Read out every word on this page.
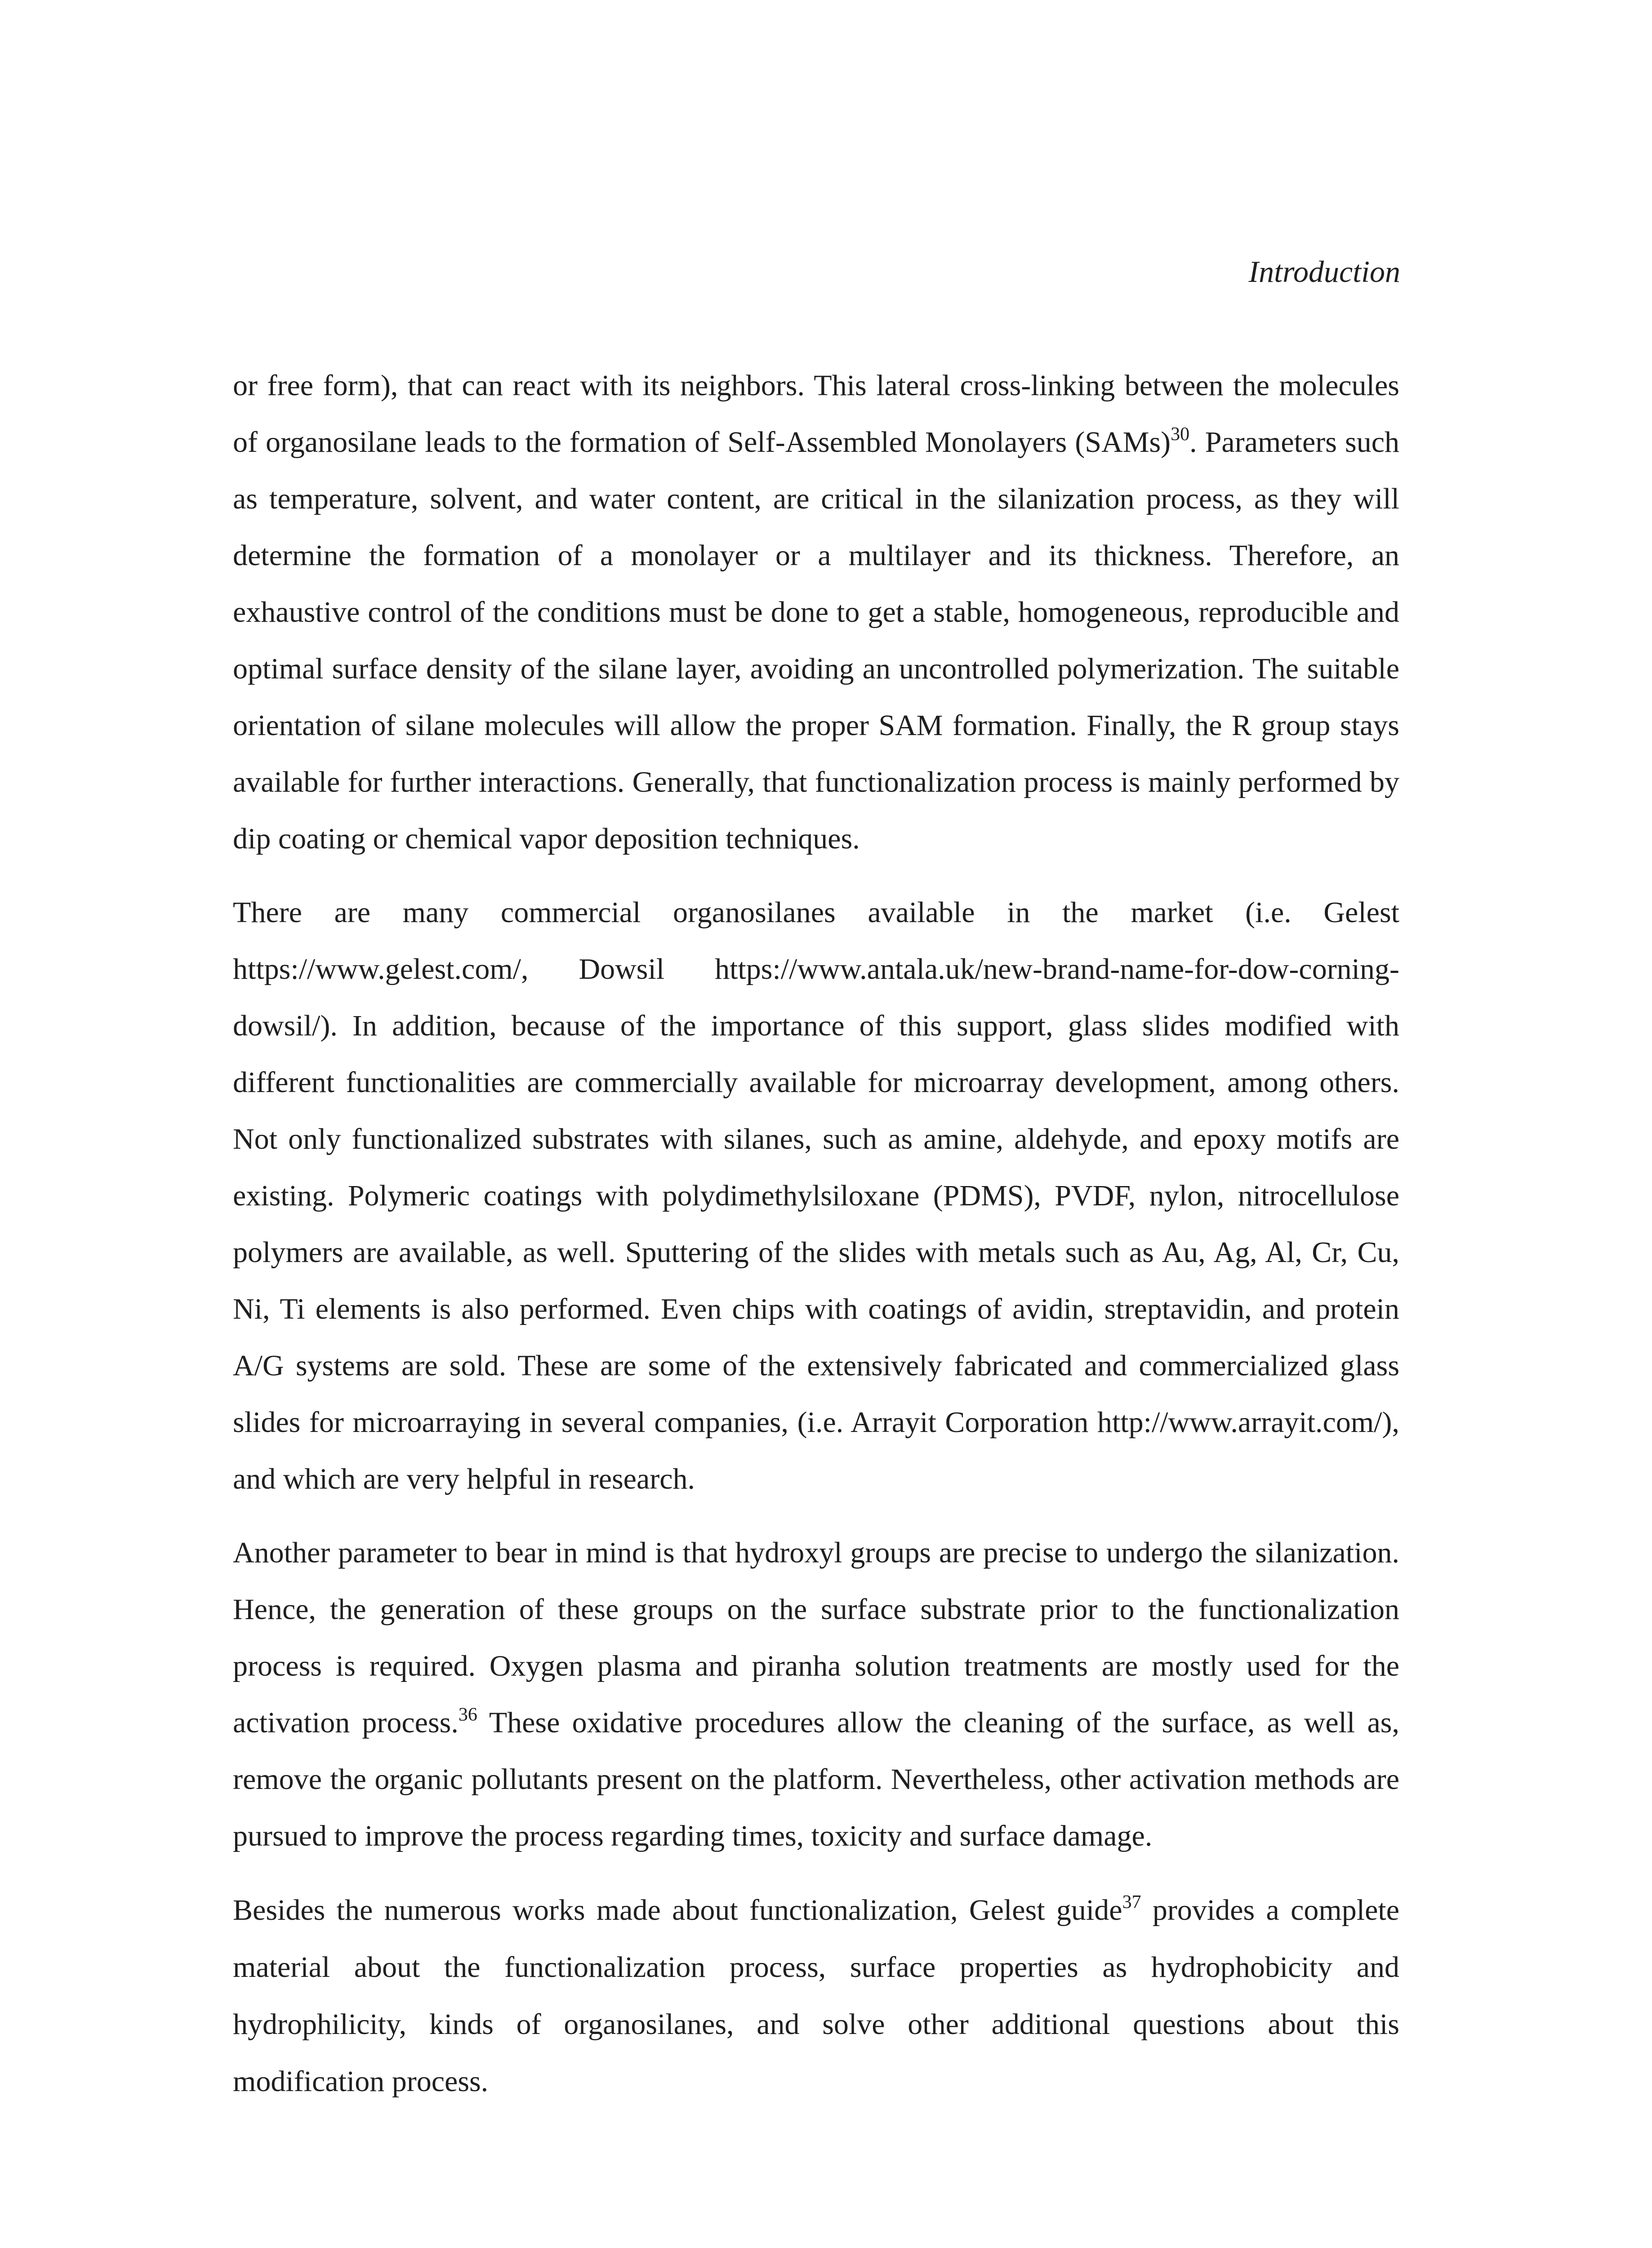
Introduction

or free form), that can react with its neighbors. This lateral cross-linking between the molecules of organosilane leads to the formation of Self-Assembled Monolayers (SAMs)$^{30}$. Parameters such as temperature, solvent, and water content, are critical in the silanization process, as they will determine the formation of a monolayer or a multilayer and its thickness. Therefore, an exhaustive control of the conditions must be done to get a stable, homogeneous, reproducible and optimal surface density of the silane layer, avoiding an uncontrolled polymerization. The suitable orientation of silane molecules will allow the proper SAM formation. Finally, the R group stays available for further interactions. Generally, that functionalization process is mainly performed by dip coating or chemical vapor deposition techniques.

There are many commercial organosilanes available in the market (i.e. Gelest https://www.gelest.com/, Dowsil https://www.antala.uk/new-brand-name-for-dow-corning-dowsil/). In addition, because of the importance of this support, glass slides modified with different functionalities are commercially available for microarray development, among others. Not only functionalized substrates with silanes, such as amine, aldehyde, and epoxy motifs are existing. Polymeric coatings with polydimethylsiloxane (PDMS), PVDF, nylon, nitrocellulose polymers are available, as well. Sputtering of the slides with metals such as Au, Ag, Al, Cr, Cu, Ni, Ti elements is also performed. Even chips with coatings of avidin, streptavidin, and protein A/G systems are sold. These are some of the extensively fabricated and commercialized glass slides for microarraying in several companies, (i.e. Arrayit Corporation http://www.arrayit.com/), and which are very helpful in research.

Another parameter to bear in mind is that hydroxyl groups are precise to undergo the silanization. Hence, the generation of these groups on the surface substrate prior to the functionalization process is required. Oxygen plasma and piranha solution treatments are mostly used for the activation process.$^{36}$ These oxidative procedures allow the cleaning of the surface, as well as, remove the organic pollutants present on the platform. Nevertheless, other activation methods are pursued to improve the process regarding times, toxicity and surface damage.

Besides the numerous works made about functionalization, Gelest guide$^{37}$ provides a complete material about the functionalization process, surface properties as hydrophobicity and hydrophilicity, kinds of organosilanes, and solve other additional questions about this modification process.
